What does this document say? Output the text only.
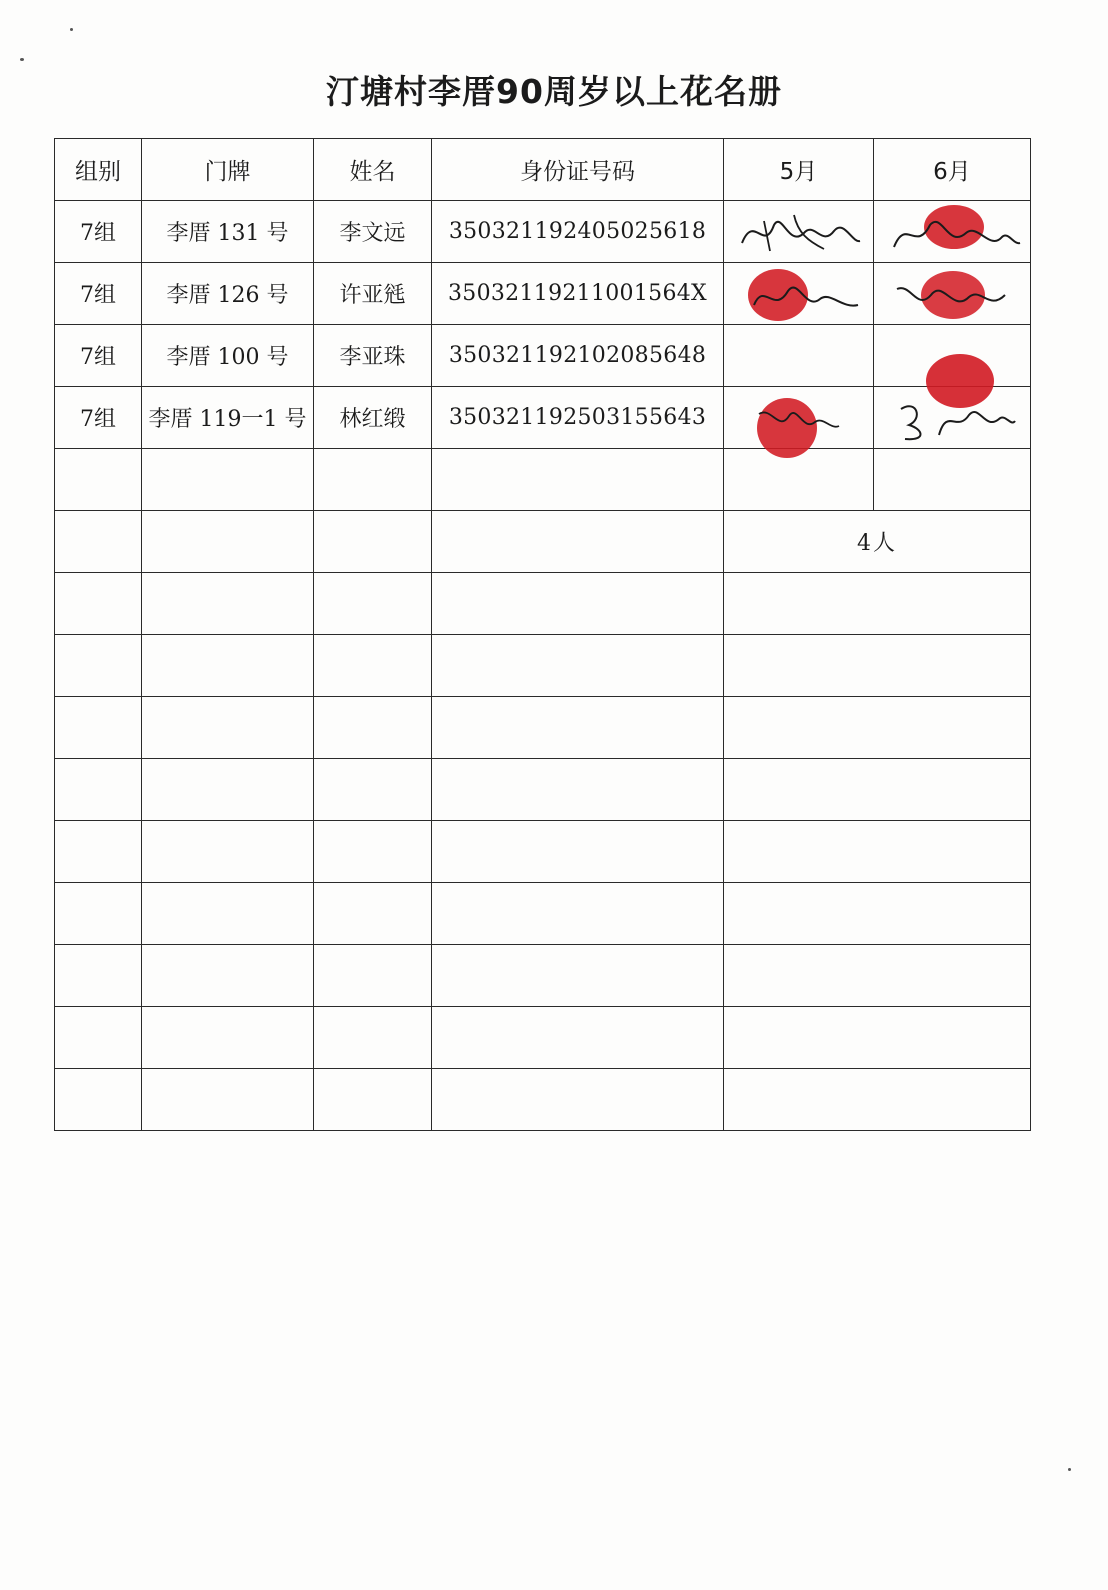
汀塘村李厝90周岁以上花名册
组别	门牌	姓名	身份证号码	5月	6月
7组	李厝 131 号	李文远	350321192405025618	

7组	李厝 126 号	许亚毤	35032119211001564X	

7组	李厝 100 号	李亚珠	350321192102085648		

7组	李厝 119一1 号	林红缎	350321192503155643	

				4人	
